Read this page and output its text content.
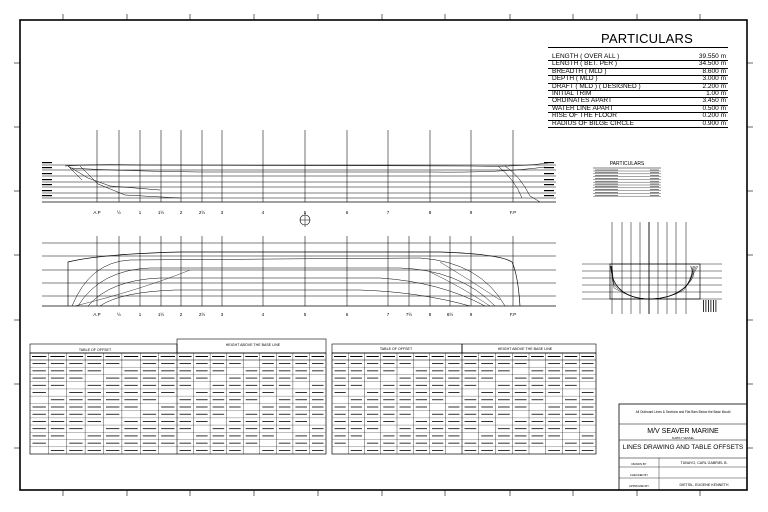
A.P	½	1	1½	2	2½	3	4	5	6	7	8	9	F.P
A.P	½	1	1½	2	2½	3	4	5	6	7	7½	8	8½	9	F.P
PARTICULARS
TABLE OF OFFSET
HEIGHT ABOVE THE BASE LINE
TABLE OF OFFSET	HEIGHT ABOVE THE BASE LINE
PARTICULARS
LENGTH ( OVER ALL )	39.550 m
LENGTH ( BET. PER )	34.500 m
BREADTH ( MLD )	8.600 m
DEPTH ( MLD )	3.000 m
DRAFT ( MLD ) ( DESIGNED )	2.200 m
INITIAL TRIM	1.00 m
ORDINATES APART	3.450 m
WATER LINE APART	0.500 m
RISE OF THE FLOOR	0.200 m
RADIUS OF BILGE CIRCLE	0.900 m
All Outboard Lines & Sections and Flat Bars Below the Base Mould
M/V SEAVER MARINE
SUPPLY VESSEL
LINES DRAWING AND TABLE OFFSETS
DRAWN BY	TUNAYO, CARL GABRIEL B.
CHECKED BY
APPROVED BY	DIETSIL, EUGENE KENNETH
